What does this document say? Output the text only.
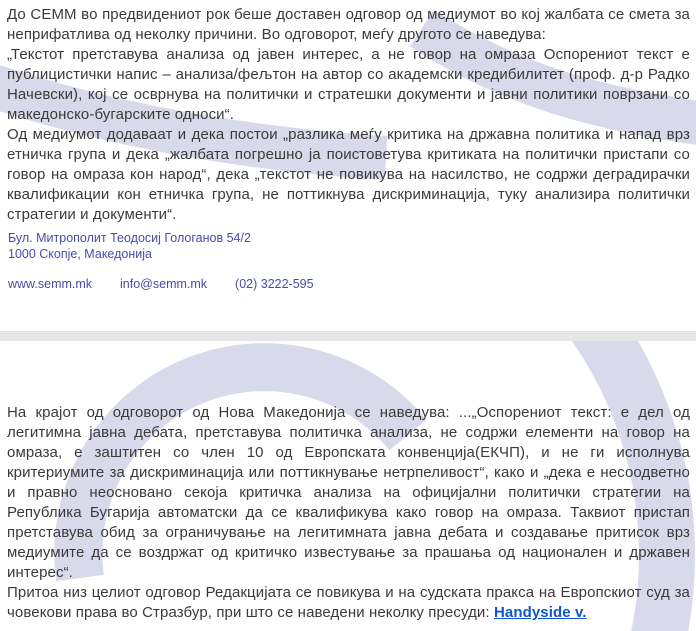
До СЕММ во предвидениот рок беше доставен одговор од медиумот во кој жалбата се смета за неприфатлива од неколку причини. Во одговорот, меѓу другото се наведува:

„Текстот претставува анализа од јавен интерес, а не говор на омраза Оспорениот текст е публицистички напис – анализа/фељтон на автор со академски кредибилитет (проф. д-р Радко Начевски), кој се осврнува на политички и стратешки документи и јавни политики поврзани со македонско-бугарските односи“.

Од медиумот додаваат и дека постои „разлика меѓу критика на државна политика и напад врз етничка група и дека „жалбата погрешно ја поистоветува критиката на политички пристапи со говор на омраза кон народ“, дека „текстот не повикува на насилство, не содржи деградирачки квалификации кон етничка група, не поттикнува дискриминација, туку анализира политички стратегии и документи“.

Бул. Митрополит Теодосиј Гологанов 54/2
1000 Скопје, Македонија
www.semm.mk info@semm.mk (02) 3222-595

На крајот од одговорот од Нова Македонија се наведува: ...„Оспорениот текст: е дел од легитимна јавна дебата, претставува политичка анализа, не содржи елементи на говор на омраза, е заштитен со член 10 од Европската конвенција(ЕКЧП), и не ги исполнува критериумите за дискриминација или поттикнување нетрпеливост“, како и „дека е несоодветно и правно неосновано секоја критичка анализа на официјални политички стратегии на Република Бугарија автоматски да се квалификува како говор на омраза. Таквиот пристап претставува обид за ограничување на легитимната јавна дебата и создавање притисок врз медиумите да се воздржат од критичко известување за прашања од национален и државен интерес“.

Притоа низ целиот одговор Редакцијата се повикува и на судската пракса на Европскиот суд за човекови права во Стразбур, при што се наведени неколку пресуди: Handyside v.
